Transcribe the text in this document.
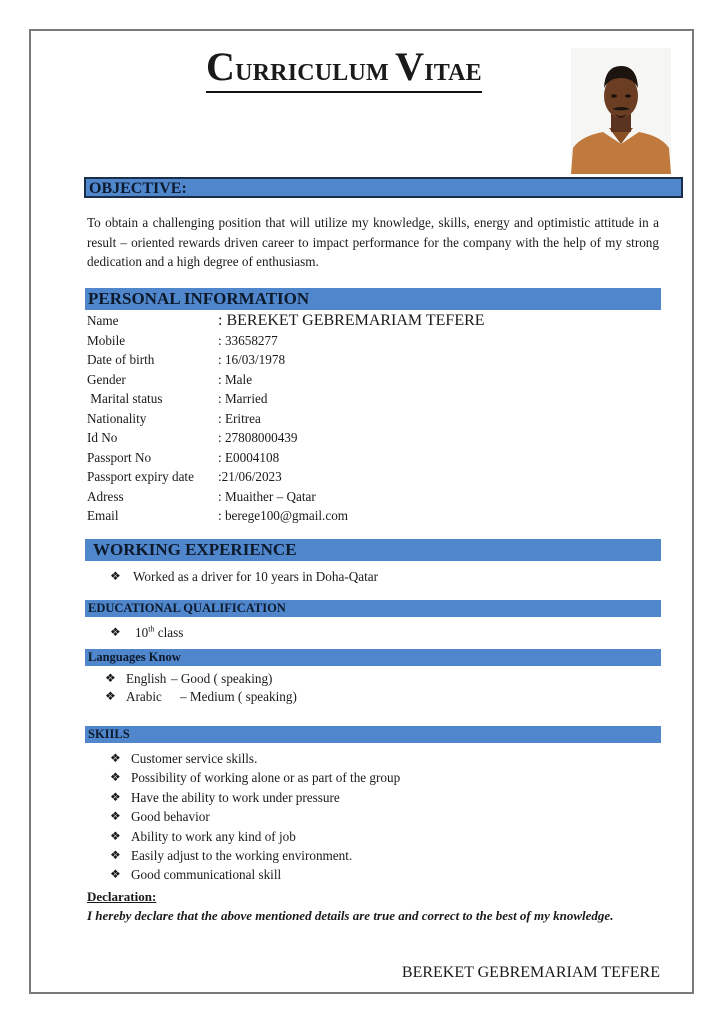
CURRICULUM VITAE
OBJECTIVE:
To obtain a challenging position that will utilize my knowledge, skills, energy and optimistic attitude in a result – oriented rewards driven career to impact performance for the company with the help of my strong dedication and a high degree of enthusiasm.
PERSONAL INFORMATION
Name	: BEREKET GEBREMARIAM TEFERE
Mobile	: 33658277
Date of birth	: 16/03/1978
Gender	: Male
Marital status	: Married
Nationality	: Eritrea
Id No	: 27808000439
Passport No	: E0004108
Passport expiry date	:21/06/2023
Adress	: Muaither – Qatar
Email	: berege100@gmail.com
WORKING EXPERIENCE
❖ Worked as a driver for 10 years in Doha-Qatar
EDUCATIONAL QUALIFICATION
❖	10th class
Languages Know
❖ English – Good ( speaking)
❖ Arabic	– Medium ( speaking)
SKIILS
❖ Customer service skills.
❖ Possibility of working alone or as part of the group
❖ Have the ability to work under pressure
❖ Good behavior
❖ Ability to work any kind of job
❖ Easily adjust to the working environment.
❖ Good communicational skill
Declaration:
I hereby declare that the above mentioned details are true and correct to the best of my knowledge.
BEREKET GEBREMARIAM TEFERE
